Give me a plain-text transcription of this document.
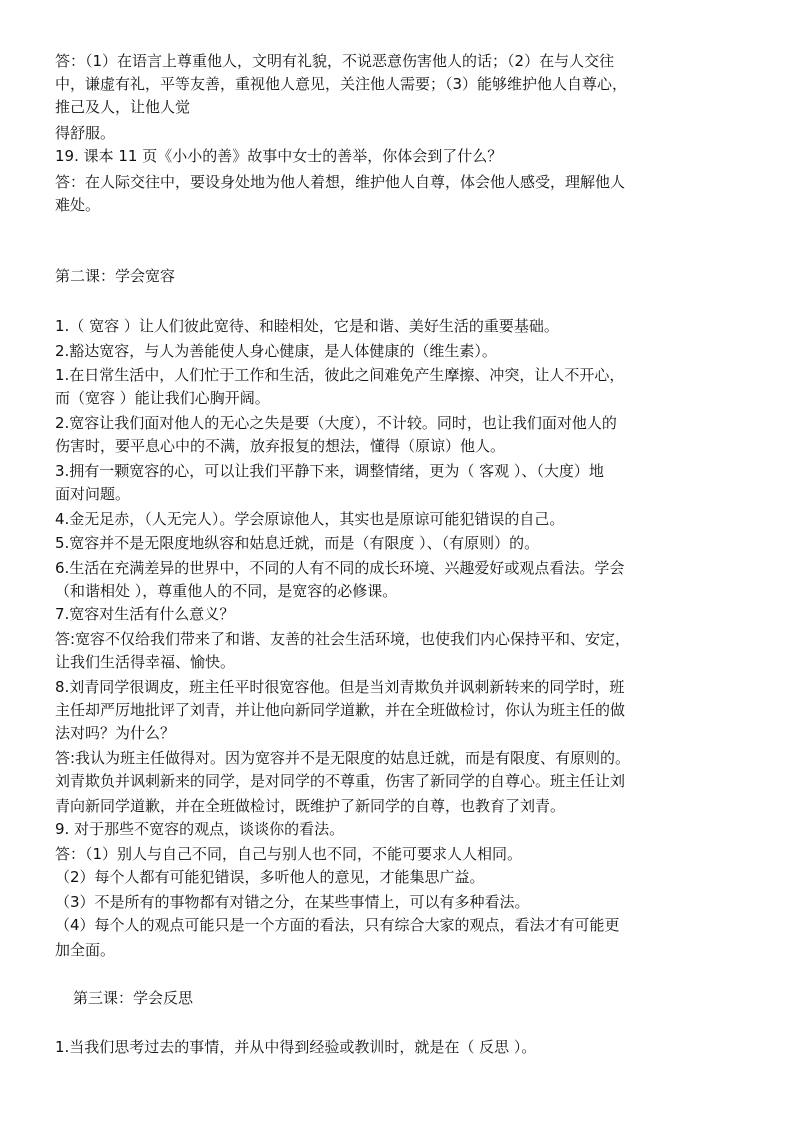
答：（1）在语言上尊重他人，文明有礼貌，不说恶意伤害他人的话；（2）在与人交往
中，谦虚有礼，平等友善，重视他人意见，关注他人需要；（3）能够维护他人自尊心，
推己及人，让他人觉
得舒服。
19. 课本 11 页《小小的善》故事中女士的善举，你体会到了什么？
答：在人际交往中，要设身处地为他人着想，维护他人自尊，体会他人感受，理解他人
难处。
第二课：学会宽容
1.（ 宽容 ）让人们彼此宽待、和睦相处，它是和谐、美好生活的重要基础。
2.豁达宽容，与人为善能使人身心健康，是人体健康的（维生素）。
1.在日常生活中，人们忙于工作和生活，彼此之间难免产生摩擦、冲突，让人不开心，
而（宽容 ）能让我们心胸开阔。
2.宽容让我们面对他人的无心之失是要（大度），不计较。同时，也让我们面对他人的
伤害时，要平息心中的不满，放弃报复的想法，懂得（原谅）他人。
3.拥有一颗宽容的心，可以让我们平静下来，调整情绪，更为（ 客观 ）、（大度）地
面对问题。
4.金无足赤，（人无完人）。学会原谅他人，其实也是原谅可能犯错误的自己。
5.宽容并不是无限度地纵容和姑息迁就，而是（有限度 ）、（有原则）的。
6.生活在充满差异的世界中，不同的人有不同的成长环境、兴趣爱好或观点看法。学会
（和谐相处 ），尊重他人的不同，是宽容的必修课。
7.宽容对生活有什么意义？
答:宽容不仅给我们带来了和谐、友善的社会生活环境，也使我们内心保持平和、安定，
让我们生活得幸福、愉快。
8.刘青同学很调皮，班主任平时很宽容他。但是当刘青欺负并讽刺新转来的同学时，班
主任却严厉地批评了刘青，并让他向新同学道歉，并在全班做检讨，你认为班主任的做
法对吗？为什么？
答:我认为班主任做得对。因为宽容并不是无限度的姑息迁就，而是有限度、有原则的。
刘青欺负并讽刺新来的同学，是对同学的不尊重，伤害了新同学的自尊心。班主任让刘
青向新同学道歉，并在全班做检讨，既维护了新同学的自尊，也教育了刘青。
9. 对于那些不宽容的观点，谈谈你的看法。
答：（1）别人与自己不同，自己与别人也不同，不能可要求人人相同。
（2）每个人都有可能犯错误，多听他人的意见，才能集思广益。
（3）不是所有的事物都有对错之分，在某些事情上，可以有多种看法。
（4）每个人的观点可能只是一个方面的看法，只有综合大家的观点，看法才有可能更
加全面。
第三课：学会反思
1.当我们思考过去的事情，并从中得到经验或教训时，就是在（ 反思 ）。
